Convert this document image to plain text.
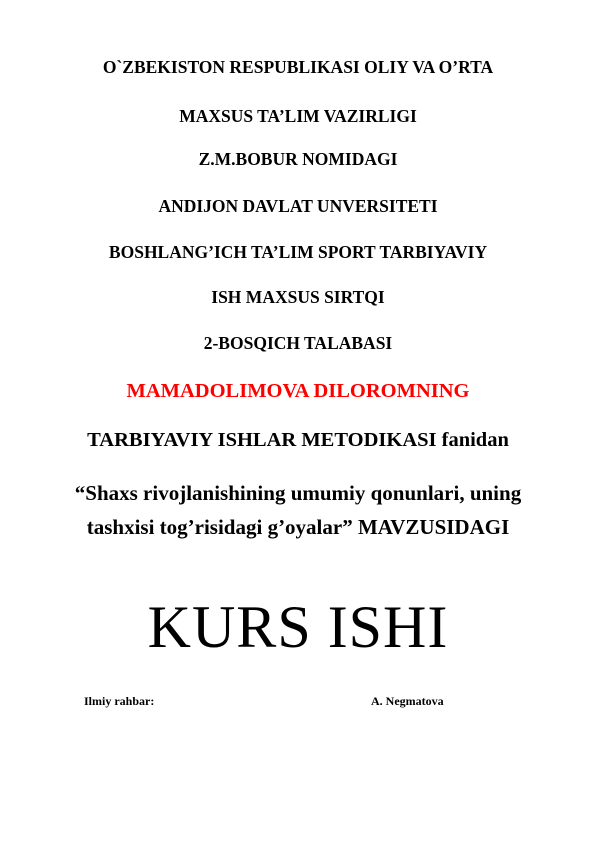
O`ZBEKISTON RESPUBLIKASI OLIY VA O’RTA
MAXSUS TA’LIM VAZIRLIGI
Z.M.BOBUR NOMIDAGI
ANDIJON DAVLAT UNVERSITETI
BOSHLANG’ICH TA’LIM SPORT TARBIYAVIY
ISH MAXSUS SIRTQI
2-BOSQICH TALABASI
MAMADOLIMOVA DILOROMNING
TARBIYAVIY ISHLAR METODIKASI fanidan
“Shaxs rivojlanishining umumiy qonunlari, uning
tashxisi tog’risidagi g’oyalar” MAVZUSIDAGI
KURS ISHI
Ilmiy rahbar:	A. Negmatova
